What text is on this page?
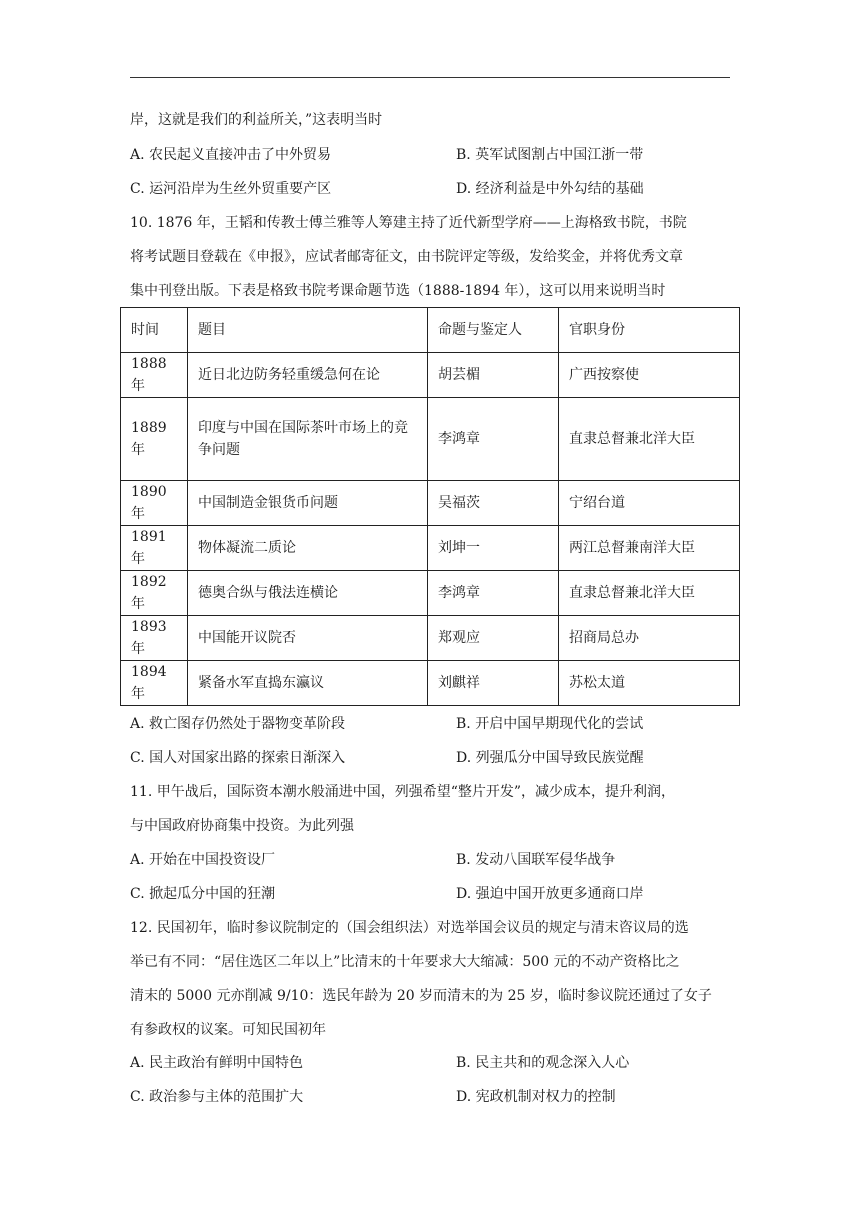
岸，这就是我们的利益所关，”这表明当时
A. 农民起义直接冲击了中外贸易	B. 英军试图割占中国江浙一带
C. 运河沿岸为生丝外贸重要产区	D. 经济利益是中外勾结的基础
10. 1876 年，王韬和传教士傅兰雅等人筹建主持了近代新型学府——上海格致书院，书院
将考试题目登载在《申报》，应试者邮寄征文，由书院评定等级，发给奖金，并将优秀文章
集中刊登出版。下表是格致书院考课命题节选（1888-1894 年），这可以用来说明当时
时间	题目	命题与鉴定人	官职身份
1888 年	近日北边防务轻重缓急何在论	胡芸楣	广西按察使
1889 年	印度与中国在国际茶叶市场上的竞争问题	李鸿章	直隶总督兼北洋大臣
1890 年	中国制造金银货币问题	吴福茨	宁绍台道
1891 年	物体凝流二质论	刘坤一	两江总督兼南洋大臣
1892 年	德奥合纵与俄法连横论	李鸿章	直隶总督兼北洋大臣
1893 年	中国能开议院否	郑观应	招商局总办
1894 年	紧备水军直捣东瀛议	刘麒祥	苏松太道
A. 救亡图存仍然处于器物变革阶段	B. 开启中国早期现代化的尝试
C. 国人对国家出路的探索日渐深入	D. 列强瓜分中国导致民族觉醒
11. 甲午战后，国际资本潮水般涌进中国，列强希望“整片开发”，减少成本，提升利润，
与中国政府协商集中投资。为此列强
A. 开始在中国投资设厂	B. 发动八国联军侵华战争
C. 掀起瓜分中国的狂潮	D. 强迫中国开放更多通商口岸
12. 民国初年，临时参议院制定的（国会组织法）对选举国会议员的规定与清末咨议局的选
举已有不同：“居住选区二年以上”比清末的十年要求大大缩减：500 元的不动产资格比之
清末的 5000 元亦削减 9/10：选民年龄为 20 岁而清末的为 25 岁，临时参议院还通过了女子
有参政权的议案。可知民国初年
A. 民主政治有鲜明中国特色	B. 民主共和的观念深入人心
C. 政治参与主体的范围扩大	D. 宪政机制对权力的控制
